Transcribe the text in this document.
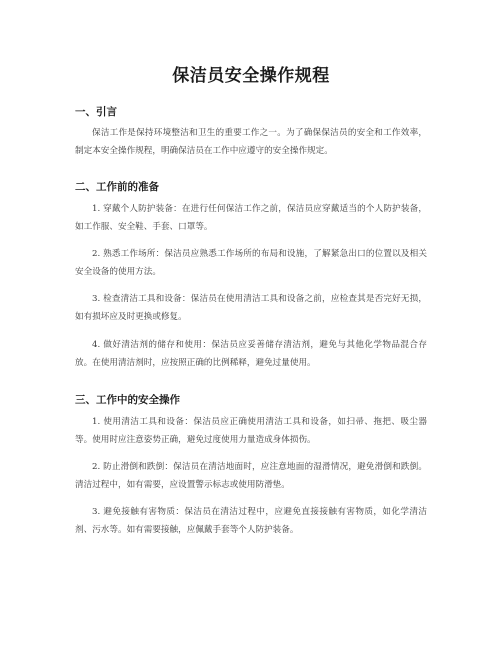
保洁员安全操作规程
一、引言
保洁工作是保持环境整洁和卫生的重要工作之一。为了确保保洁员的安全和工作效率，制定本安全操作规程，明确保洁员在工作中应遵守的安全操作规定。
二、工作前的准备
1. 穿戴个人防护装备：在进行任何保洁工作之前，保洁员应穿戴适当的个人防护装备，如工作服、安全鞋、手套、口罩等。
2. 熟悉工作场所：保洁员应熟悉工作场所的布局和设施，了解紧急出口的位置以及相关安全设备的使用方法。
3. 检查清洁工具和设备：保洁员在使用清洁工具和设备之前，应检查其是否完好无损，如有损坏应及时更换或修复。
4. 做好清洁剂的储存和使用：保洁员应妥善储存清洁剂，避免与其他化学物品混合存放。在使用清洁剂时，应按照正确的比例稀释，避免过量使用。
三、工作中的安全操作
1. 使用清洁工具和设备：保洁员应正确使用清洁工具和设备，如扫帚、拖把、吸尘器等。使用时应注意姿势正确，避免过度使用力量造成身体损伤。
2. 防止滑倒和跌倒：保洁员在清洁地面时，应注意地面的湿滑情况，避免滑倒和跌倒。清洁过程中，如有需要，应设置警示标志或使用防滑垫。
3. 避免接触有害物质：保洁员在清洁过程中，应避免直接接触有害物质，如化学清洁剂、污水等。如有需要接触，应佩戴手套等个人防护装备。
